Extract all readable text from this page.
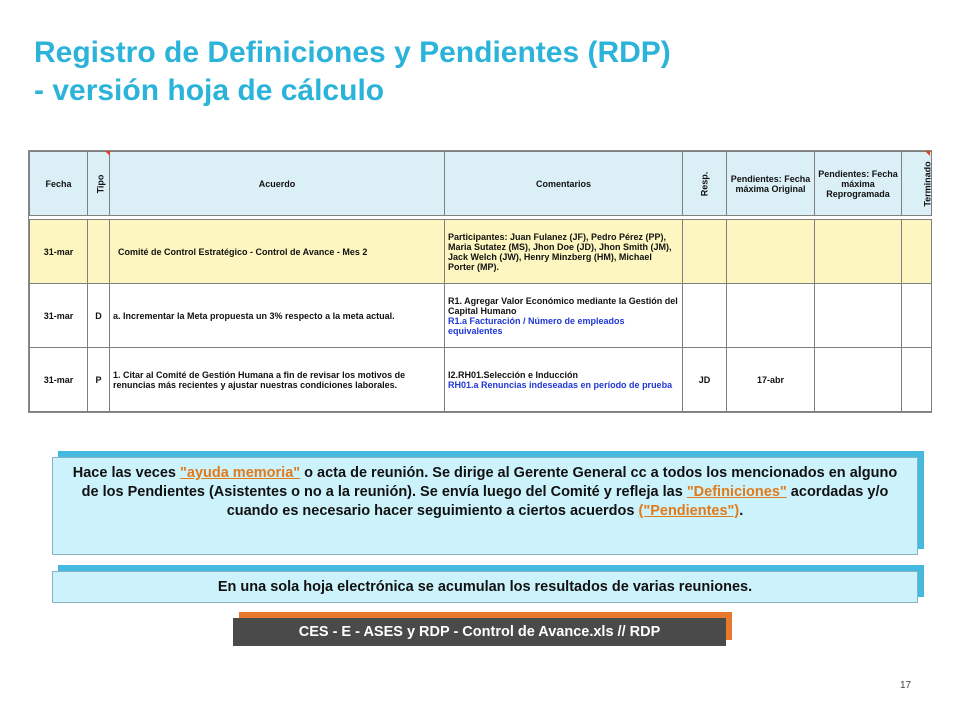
Registro de Definiciones y Pendientes (RDP)
- versión hoja de cálculo
Fecha	Tipo	Acuerdo	Comentarios	Resp.	Pendientes: Fecha máxima Original	Pendientes: Fecha máxima Reprogramada	Terminado

31-mar		Comité de Control Estratégico - Control de Avance - Mes 2	Participantes: Juan Fulanez (JF), Pedro Pérez (PP), Maria Sutatez (MS), Jhon Doe (JD), Jhon Smith (JM), Jack Welch (JW), Henry Minzberg (HM), Michael Porter (MP).				
31-mar	D	a. Incrementar la Meta propuesta un 3% respecto a la meta actual.	R1. Agregar Valor Económico mediante la Gestión del Capital Humano
R1.a Facturación / Número de empleados equivalentes				
31-mar	P	1. Citar al Comité de Gestión Humana a fin de revisar los motivos de renuncias más recientes y ajustar nuestras condiciones laborales.	I2.RH01.Selección e Inducción
RH01.a Renuncias indeseadas en período de prueba	JD	17-abr		
Hace las veces "ayuda memoria" o acta de reunión. Se dirige al Gerente General cc a todos los mencionados en alguno de los Pendientes (Asistentes o no a la reunión). Se envía luego del Comité y refleja las "Definiciones" acordadas y/o cuando es necesario hacer seguimiento a ciertos acuerdos ("Pendientes").
En una sola hoja electrónica se acumulan los resultados de varias reuniones.
CES - E - ASES y RDP - Control de Avance.xls // RDP
17
